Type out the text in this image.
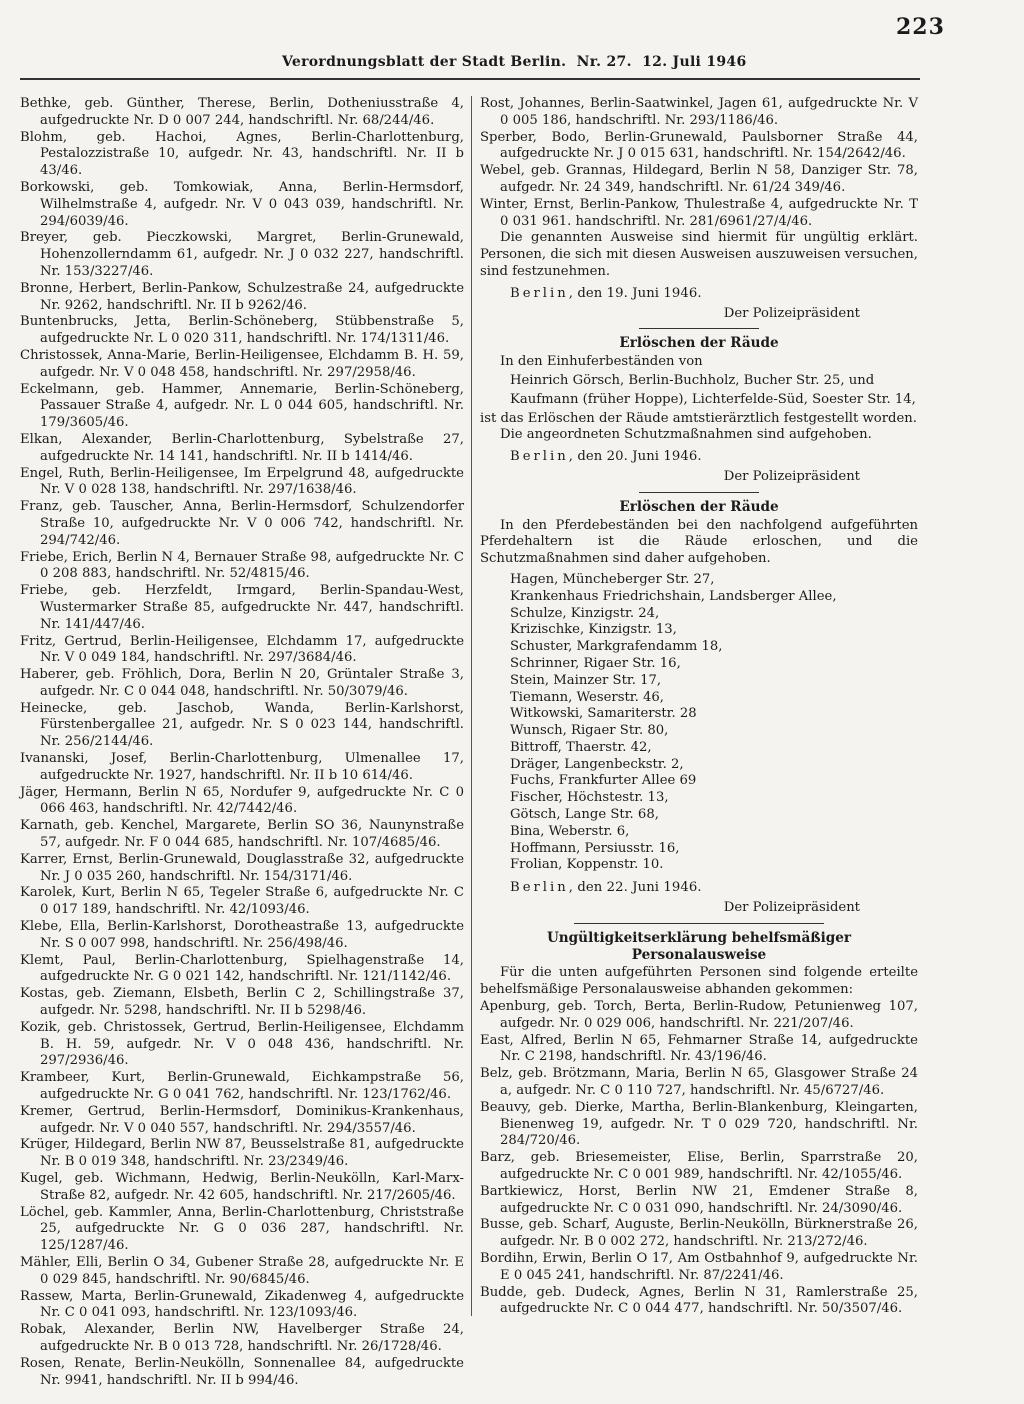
223
Verordnungsblatt der Stadt Berlin. Nr. 27. 12. Juli 1946

Bethke, geb. Günther, Therese, Berlin, Dotheniusstraße 4, aufgedruckte Nr. D 0 007 244, handschriftl. Nr. 68/244/46.

Blohm, geb. Hachoi, Agnes, Berlin-Charlottenburg, Pestalozzistraße 10, aufgedr. Nr. 43, handschriftl. Nr. II b 43/46.

Borkowski, geb. Tomkowiak, Anna, Berlin-Hermsdorf, Wilhelmstraße 4, aufgedr. Nr. V 0 043 039, handschriftl. Nr. 294/6039/46.

Breyer, geb. Pieczkowski, Margret, Berlin-Grunewald, Hohenzollerndamm 61, aufgedr. Nr. J 0 032 227, handschriftl. Nr. 153/3227/46.

Bronne, Herbert, Berlin-Pankow, Schulzestraße 24, aufgedruckte Nr. 9262, handschriftl. Nr. II b 9262/46.

Buntenbrucks, Jetta, Berlin-Schöneberg, Stübbenstraße 5, aufgedruckte Nr. L 0 020 311, handschriftl. Nr. 174/1311/46.

Christossek, Anna-Marie, Berlin-Heiligensee, Elchdamm B. H. 59, aufgedr. Nr. V 0 048 458, handschriftl. Nr. 297/2958/46.

Eckelmann, geb. Hammer, Annemarie, Berlin-Schöneberg, Passauer Straße 4, aufgedr. Nr. L 0 044 605, handschriftl. Nr. 179/3605/46.

Elkan, Alexander, Berlin-Charlottenburg, Sybelstraße 27, aufgedruckte Nr. 14 141, handschriftl. Nr. II b 1414/46.

Engel, Ruth, Berlin-Heiligensee, Im Erpelgrund 48, aufgedruckte Nr. V 0 028 138, handschriftl. Nr. 297/1638/46.

Franz, geb. Tauscher, Anna, Berlin-Hermsdorf, Schulzendorfer Straße 10, aufgedruckte Nr. V 0 006 742, handschriftl. Nr. 294/742/46.

Friebe, Erich, Berlin N 4, Bernauer Straße 98, aufgedruckte Nr. C 0 208 883, handschriftl. Nr. 52/4815/46.

Friebe, geb. Herzfeldt, Irmgard, Berlin-Spandau-West, Wustermarker Straße 85, aufgedruckte Nr. 447, handschriftl. Nr. 141/447/46.

Fritz, Gertrud, Berlin-Heiligensee, Elchdamm 17, aufgedruckte Nr. V 0 049 184, handschriftl. Nr. 297/3684/46.

Haberer, geb. Fröhlich, Dora, Berlin N 20, Grüntaler Straße 3, aufgedr. Nr. C 0 044 048, handschriftl. Nr. 50/3079/46.

Heinecke, geb. Jaschob, Wanda, Berlin-Karlshorst, Fürstenbergallee 21, aufgedr. Nr. S 0 023 144, handschriftl. Nr. 256/2144/46.

Ivananski, Josef, Berlin-Charlottenburg, Ulmenallee 17, aufgedruckte Nr. 1927, handschriftl. Nr. II b 10 614/46.

Jäger, Hermann, Berlin N 65, Nordufer 9, aufgedruckte Nr. C 0 066 463, handschriftl. Nr. 42/7442/46.

Karnath, geb. Kenchel, Margarete, Berlin SO 36, Naunynstraße 57, aufgedr. Nr. F 0 044 685, handschriftl. Nr. 107/4685/46.

Karrer, Ernst, Berlin-Grunewald, Douglasstraße 32, aufgedruckte Nr. J 0 035 260, handschriftl. Nr. 154/3171/46.

Karolek, Kurt, Berlin N 65, Tegeler Straße 6, aufgedruckte Nr. C 0 017 189, handschriftl. Nr. 42/1093/46.

Klebe, Ella, Berlin-Karlshorst, Dorotheastraße 13, aufgedruckte Nr. S 0 007 998, handschriftl. Nr. 256/498/46.

Klemt, Paul, Berlin-Charlottenburg, Spielhagenstraße 14, aufgedruckte Nr. G 0 021 142, handschriftl. Nr. 121/1142/46.

Kostas, geb. Ziemann, Elsbeth, Berlin C 2, Schillingstraße 37, aufgedr. Nr. 5298, handschriftl. Nr. II b 5298/46.

Kozik, geb. Christossek, Gertrud, Berlin-Heiligensee, Elchdamm B. H. 59, aufgedr. Nr. V 0 048 436, handschriftl. Nr. 297/2936/46.

Krambeer, Kurt, Berlin-Grunewald, Eichkampstraße 56, aufgedruckte Nr. G 0 041 762, handschriftl. Nr. 123/1762/46.

Kremer, Gertrud, Berlin-Hermsdorf, Dominikus-Krankenhaus, aufgedr. Nr. V 0 040 557, handschriftl. Nr. 294/3557/46.

Krüger, Hildegard, Berlin NW 87, Beusselstraße 81, aufgedruckte Nr. B 0 019 348, handschriftl. Nr. 23/2349/46.

Kugel, geb. Wichmann, Hedwig, Berlin-Neukölln, Karl-Marx-Straße 82, aufgedr. Nr. 42 605, handschriftl. Nr. 217/2605/46.

Löchel, geb. Kammler, Anna, Berlin-Charlottenburg, Christstraße 25, aufgedruckte Nr. G 0 036 287, handschriftl. Nr. 125/1287/46.

Mähler, Elli, Berlin O 34, Gubener Straße 28, aufgedruckte Nr. E 0 029 845, handschriftl. Nr. 90/6845/46.

Rassew, Marta, Berlin-Grunewald, Zikadenweg 4, aufgedruckte Nr. C 0 041 093, handschriftl. Nr. 123/1093/46.

Robak, Alexander, Berlin NW, Havelberger Straße 24, aufgedruckte Nr. B 0 013 728, handschriftl. Nr. 26/1728/46.

Rosen, Renate, Berlin-Neukölln, Sonnenallee 84, aufgedruckte Nr. 9941, handschriftl. Nr. II b 994/46.

Rost, Johannes, Berlin-Saatwinkel, Jagen 61, aufgedruckte Nr. V 0 005 186, handschriftl. Nr. 293/1186/46.

Sperber, Bodo, Berlin-Grunewald, Paulsborner Straße 44, aufgedruckte Nr. J 0 015 631, handschriftl. Nr. 154/2642/46.

Webel, geb. Grannas, Hildegard, Berlin N 58, Danziger Str. 78, aufgedr. Nr. 24 349, handschriftl. Nr. 61/24 349/46.

Winter, Ernst, Berlin-Pankow, Thulestraße 4, aufgedruckte Nr. T 0 031 961. handschriftl. Nr. 281/6961/27/4/46.

Die genannten Ausweise sind hiermit für ungültig erklärt. Personen, die sich mit diesen Ausweisen auszuweisen versuchen, sind festzunehmen.

Berlin, den 19. Juni 1946.

Der Polizeipräsident

Erlöschen der Räude

In den Einhuferbeständen von

Heinrich Görsch, Berlin-Buchholz, Bucher Str. 25, und

Kaufmann (früher Hoppe), Lichterfelde-Süd, Soester Str. 14,

ist das Erlöschen der Räude amtstierärztlich festgestellt worden.

Die angeordneten Schutzmaßnahmen sind aufgehoben.

Berlin, den 20. Juni 1946.

Der Polizeipräsident

Erlöschen der Räude

In den Pferdebeständen bei den nachfolgend aufgeführten Pferdehaltern ist die Räude erloschen, und die Schutzmaßnahmen sind daher aufgehoben.

Hagen, Müncheberger Str. 27,
Krankenhaus Friedrichshain, Landsberger Allee,
Schulze, Kinzigstr. 24,
Krizischke, Kinzigstr. 13,
Schuster, Markgrafendamm 18,
Schrinner, Rigaer Str. 16,
Stein, Mainzer Str. 17,
Tiemann, Weserstr. 46,
Witkowski, Samariterstr. 28
Wunsch, Rigaer Str. 80,
Bittroff, Thaerstr. 42,
Dräger, Langenbeckstr. 2,
Fuchs, Frankfurter Allee 69
Fischer, Höchstestr. 13,
Götsch, Lange Str. 68,
Bina, Weberstr. 6,
Hoffmann, Persiusstr. 16,
Frolian, Koppenstr. 10.

Berlin, den 22. Juni 1946.

Der Polizeipräsident

Ungültigkeitserklärung behelfsmäßiger Personalausweise

Für die unten aufgeführten Personen sind folgende erteilte behelfsmäßige Personalausweise abhanden gekommen:

Apenburg, geb. Torch, Berta, Berlin-Rudow, Petunienweg 107, aufgedr. Nr. 0 029 006, handschriftl. Nr. 221/207/46.

East, Alfred, Berlin N 65, Fehmarner Straße 14, aufgedruckte Nr. C 2198, handschriftl. Nr. 43/196/46.

Belz, geb. Brötzmann, Maria, Berlin N 65, Glasgower Straße 24 a, aufgedr. Nr. C 0 110 727, handschriftl. Nr. 45/6727/46.

Beauvy, geb. Dierke, Martha, Berlin-Blankenburg, Kleingarten, Bienenweg 19, aufgedr. Nr. T 0 029 720, handschriftl. Nr. 284/720/46.

Barz, geb. Briesemeister, Elise, Berlin, Sparrstraße 20, aufgedruckte Nr. C 0 001 989, handschriftl. Nr. 42/1055/46.

Bartkiewicz, Horst, Berlin NW 21, Emdener Straße 8, aufgedruckte Nr. C 0 031 090, handschriftl. Nr. 24/3090/46.

Busse, geb. Scharf, Auguste, Berlin-Neukölln, Bürknerstraße 26, aufgedr. Nr. B 0 002 272, handschriftl. Nr. 213/272/46.

Bordihn, Erwin, Berlin O 17, Am Ostbahnhof 9, aufgedruckte Nr. E 0 045 241, handschriftl. Nr. 87/2241/46.

Budde, geb. Dudeck, Agnes, Berlin N 31, Ramlerstraße 25, aufgedruckte Nr. C 0 044 477, handschriftl. Nr. 50/3507/46.
